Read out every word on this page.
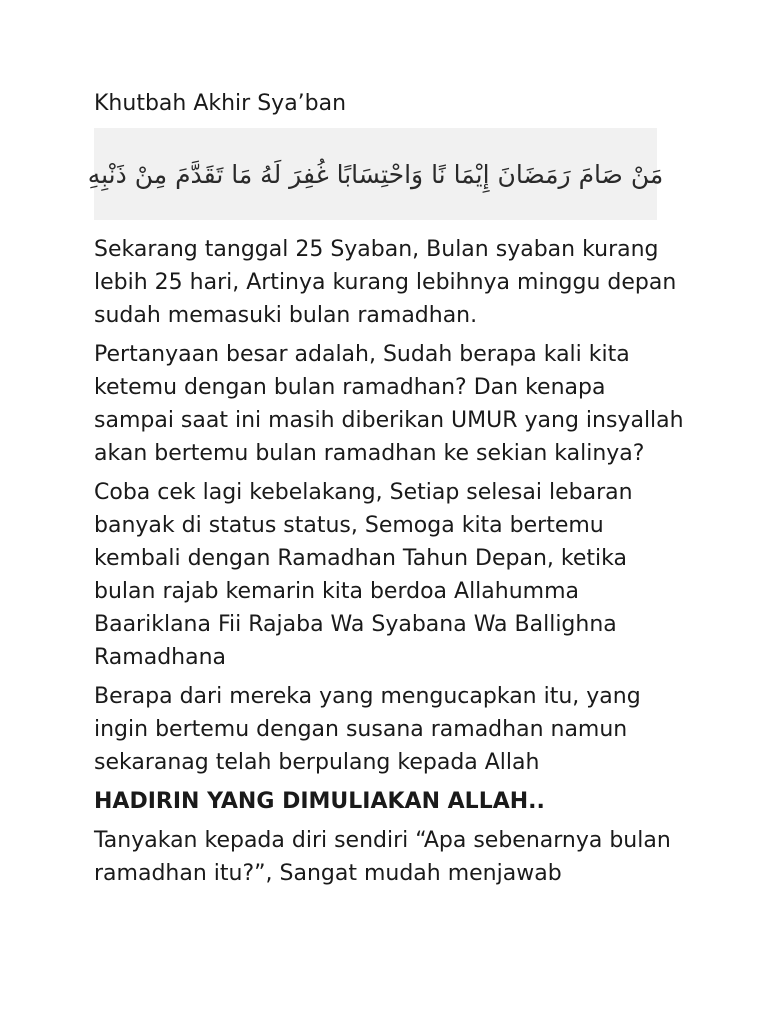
Khutbah Akhir Sya’ban
مَنْ صَامَ رَمَضَانَ إِيْمَا نًا وَاحْتِسَابًا غُفِرَ لَهُ مَا تَقَدَّمَ مِنْ ذَنْبِهِ

Sekarang tanggal 25 Syaban, Bulan syaban kurang lebih 25 hari, Artinya kurang lebihnya minggu depan sudah memasuki bulan ramadhan.

Pertanyaan besar adalah, Sudah berapa kali kita ketemu dengan bulan ramadhan? Dan kenapa sampai saat ini masih diberikan UMUR yang insyallah akan bertemu bulan ramadhan ke sekian kalinya?

Coba cek lagi kebelakang, Setiap selesai lebaran banyak di status status, Semoga kita bertemu kembali dengan Ramadhan Tahun Depan, ketika bulan rajab kemarin kita berdoa Allahumma Baariklana Fii Rajaba Wa Syabana Wa Ballighna Ramadhana

Berapa dari mereka yang mengucapkan itu, yang ingin bertemu dengan susana ramadhan namun sekaranag telah berpulang kepada Allah

HADIRIN YANG DIMULIAKAN ALLAH..

Tanyakan kepada diri sendiri “Apa sebenarnya bulan ramadhan itu?”, Sangat mudah menjawab
